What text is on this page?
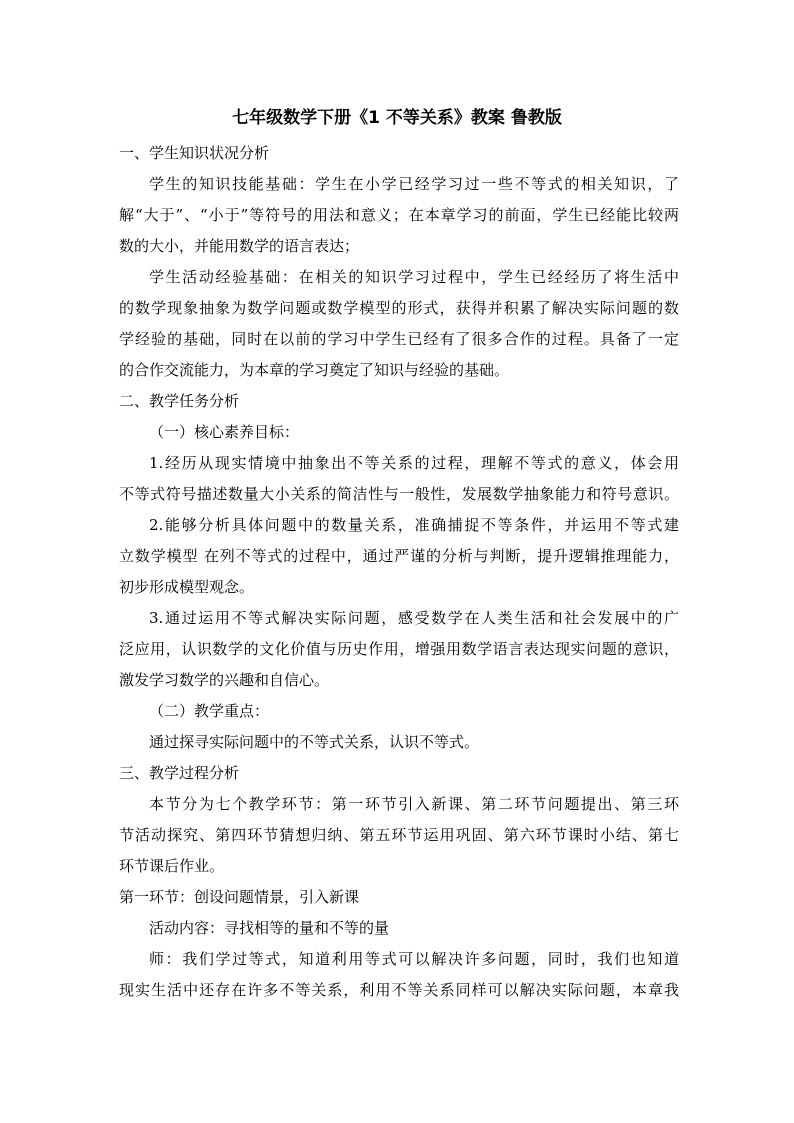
七年级数学下册《1 不等关系》教案 鲁教版
一、学生知识状况分析
学生的知识技能基础：学生在小学已经学习过一些不等式的相关知识，了
解“大于”、“小于”等符号的用法和意义；在本章学习的前面，学生已经能比较两
数的大小，并能用数学的语言表达；
学生活动经验基础：在相关的知识学习过程中，学生已经经历了将生活中
的数学现象抽象为数学问题或数学模型的形式，获得并积累了解决实际问题的数
学经验的基础，同时在以前的学习中学生已经有了很多合作的过程。具备了一定
的合作交流能力，为本章的学习奠定了知识与经验的基础。
二、教学任务分析
（一）核心素养目标：
1.经历从现实情境中抽象出不等关系的过程，理解不等式的意义，体会用
不等式符号描述数量大小关系的简洁性与一般性，发展数学抽象能力和符号意识。
2.能够分析具体问题中的数量关系，准确捕捉不等条件，并运用不等式建
立数学模型 在列不等式的过程中，通过严谨的分析与判断，提升逻辑推理能力，
初步形成模型观念。
3.通过运用不等式解决实际问题，感受数学在人类生活和社会发展中的广
泛应用，认识数学的文化价值与历史作用，增强用数学语言表达现实问题的意识，
激发学习数学的兴趣和自信心。
（二）教学重点：
通过探寻实际问题中的不等式关系，认识不等式。
三、教学过程分析
本节分为七个教学环节：第一环节引入新课、第二环节问题提出、第三环
节活动探究、第四环节猜想归纳、第五环节运用巩固、第六环节课时小结、第七
环节课后作业。
第一环节：创设问题情景，引入新课
活动内容：寻找相等的量和不等的量
师：我们学过等式，知道利用等式可以解决许多问题，同时，我们也知道
现实生活中还存在许多不等关系，利用不等关系同样可以解决实际问题，本章我
